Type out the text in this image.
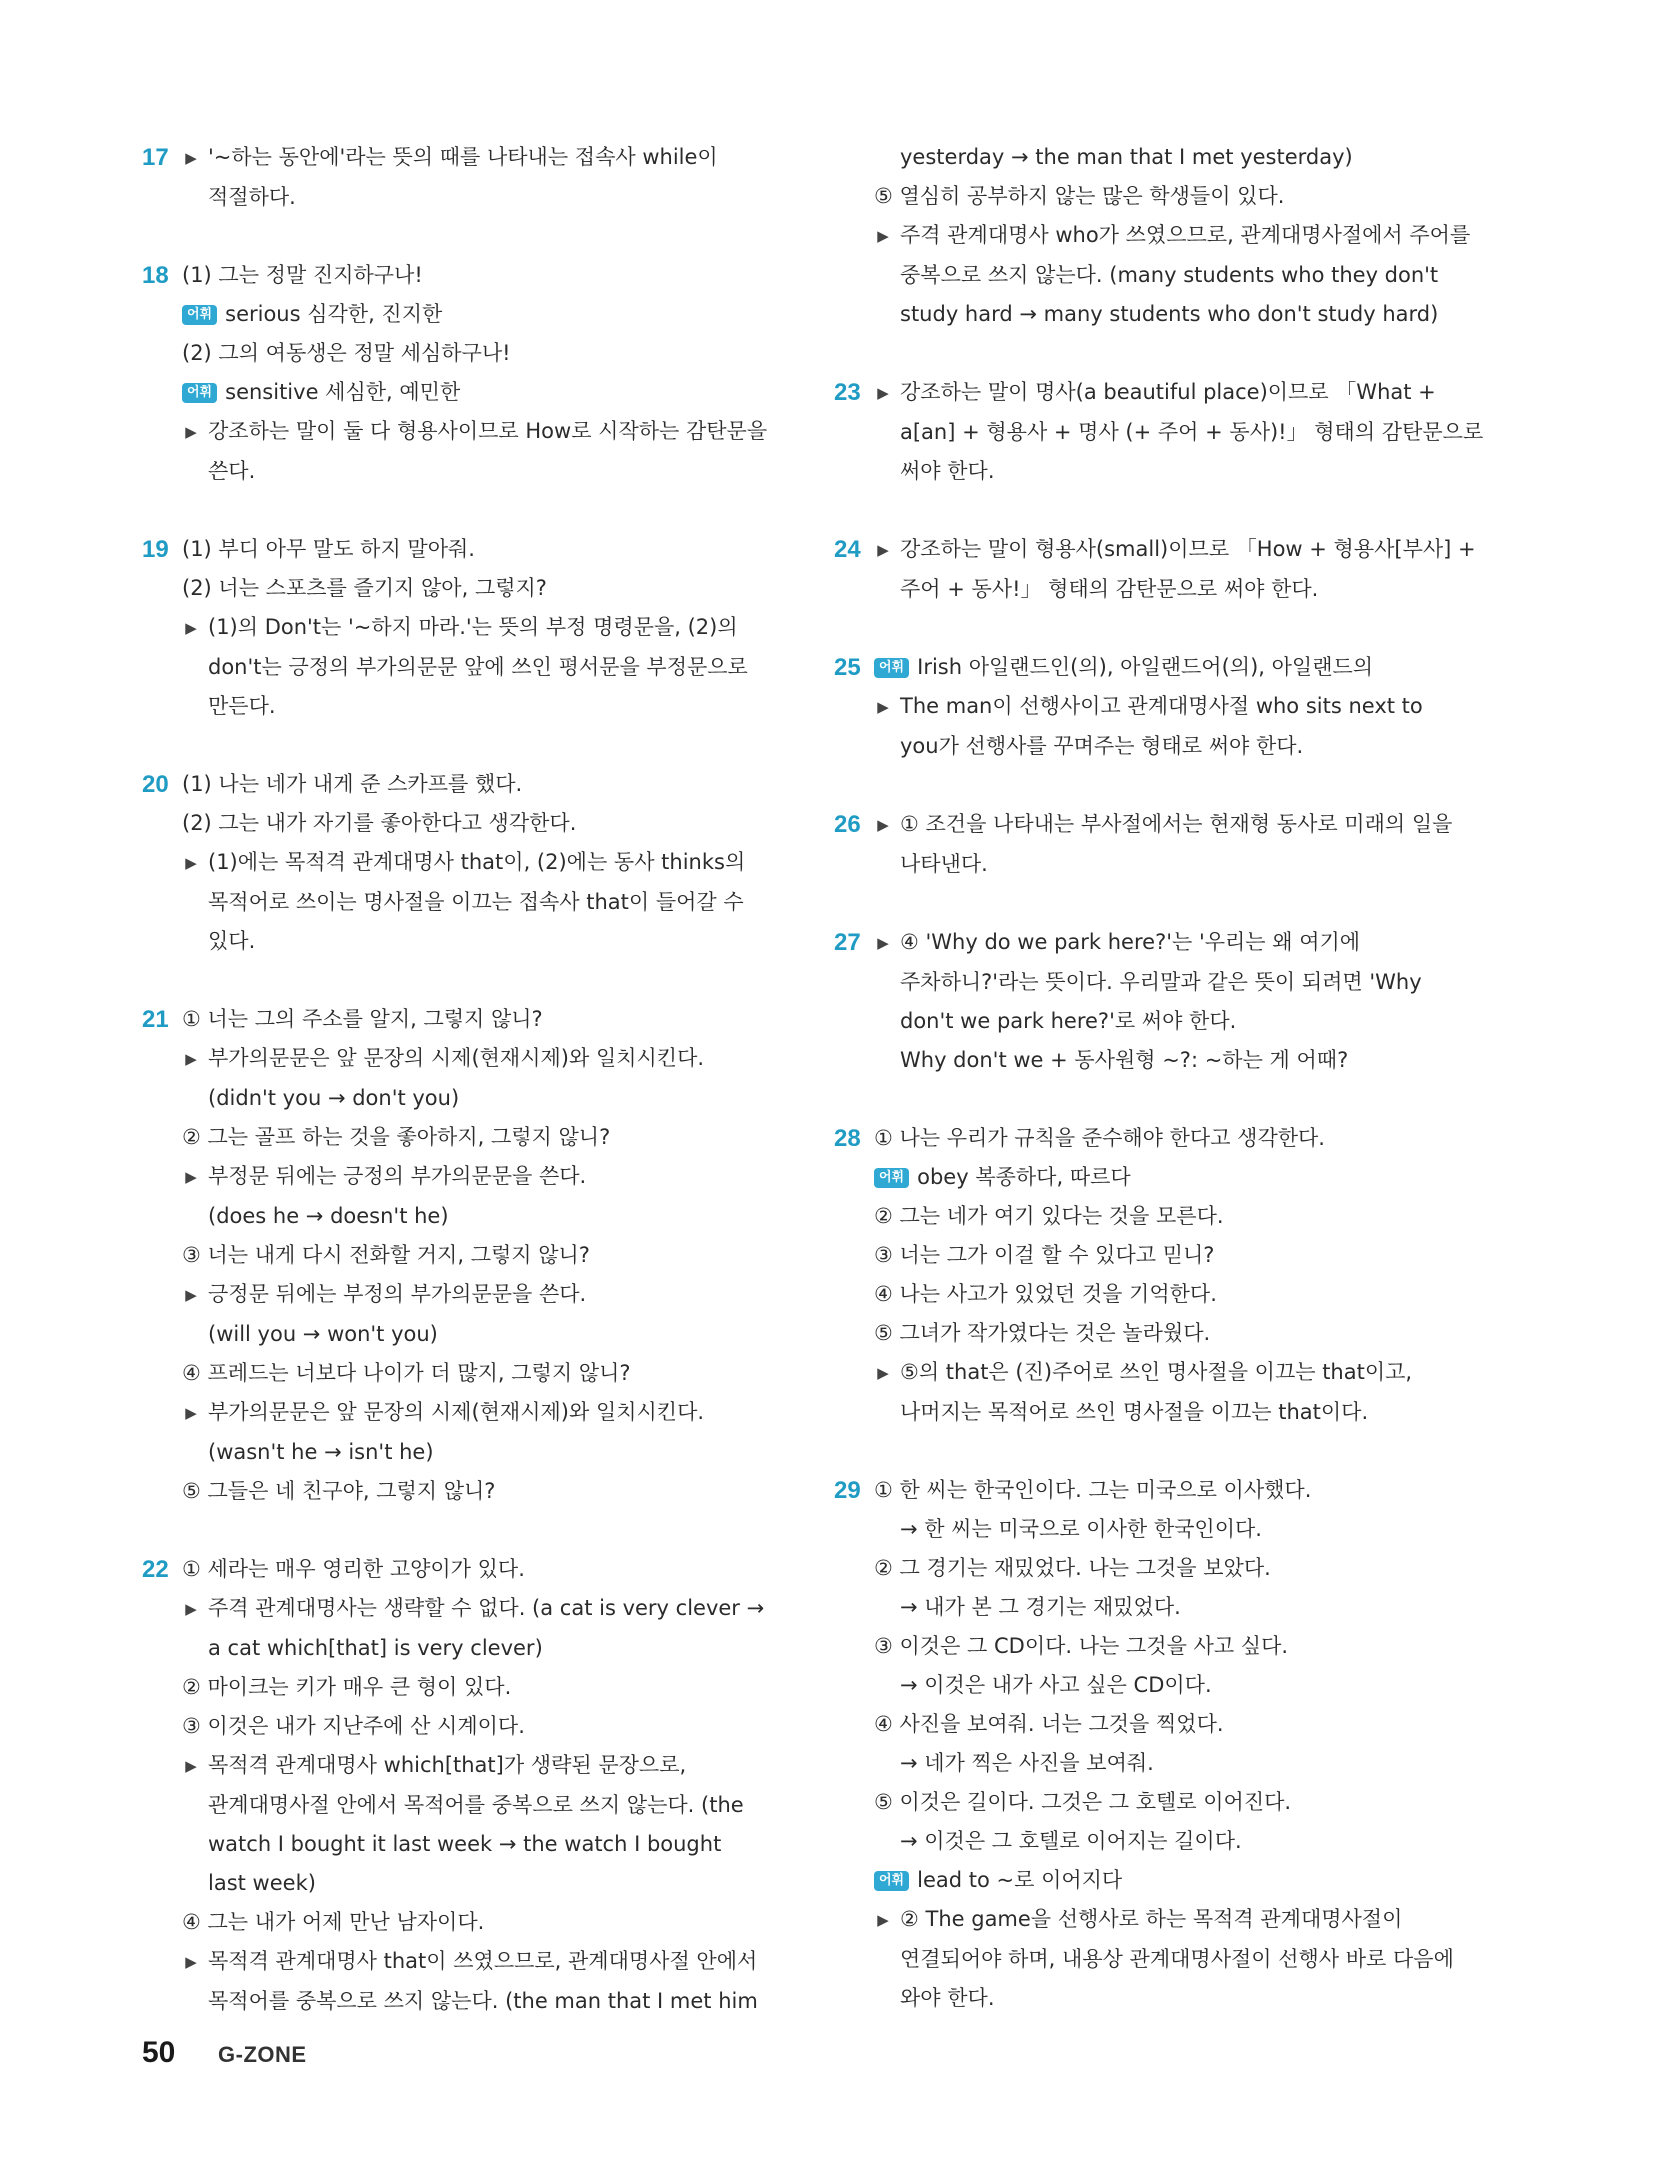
17 ▶ '~하는 동안에'라는 뜻의 때를 나타내는 접속사 while이
적절하다.
18 (1) 그는 정말 진지하구나!
어휘 serious 심각한, 진지한
(2) 그의 여동생은 정말 세심하구나!
어휘 sensitive 세심한, 예민한
▶ 강조하는 말이 둘 다 형용사이므로 How로 시작하는 감탄문을
쓴다.
19 (1) 부디 아무 말도 하지 말아줘.
(2) 너는 스포츠를 즐기지 않아, 그렇지?
▶ (1)의 Don't는 '~하지 마라.'는 뜻의 부정 명령문을, (2)의
don't는 긍정의 부가의문문 앞에 쓰인 평서문을 부정문으로
만든다.
20 (1) 나는 네가 내게 준 스카프를 했다.
(2) 그는 내가 자기를 좋아한다고 생각한다.
▶ (1)에는 목적격 관계대명사 that이, (2)에는 동사 thinks의
목적어로 쓰이는 명사절을 이끄는 접속사 that이 들어갈 수
있다.
21 ① 너는 그의 주소를 알지, 그렇지 않니?
▶ 부가의문문은 앞 문장의 시제(현재시제)와 일치시킨다.
(didn't you → don't you)
② 그는 골프 하는 것을 좋아하지, 그렇지 않니?
▶ 부정문 뒤에는 긍정의 부가의문문을 쓴다.
(does he → doesn't he)
③ 너는 내게 다시 전화할 거지, 그렇지 않니?
▶ 긍정문 뒤에는 부정의 부가의문문을 쓴다.
(will you → won't you)
④ 프레드는 너보다 나이가 더 많지, 그렇지 않니?
▶ 부가의문문은 앞 문장의 시제(현재시제)와 일치시킨다.
(wasn't he → isn't he)
⑤ 그들은 네 친구야, 그렇지 않니?
22 ① 세라는 매우 영리한 고양이가 있다.
▶ 주격 관계대명사는 생략할 수 없다. (a cat is very clever →
a cat which[that] is very clever)
② 마이크는 키가 매우 큰 형이 있다.
③ 이것은 내가 지난주에 산 시계이다.
▶ 목적격 관계대명사 which[that]가 생략된 문장으로,
관계대명사절 안에서 목적어를 중복으로 쓰지 않는다. (the
watch I bought it last week → the watch I bought
last week)
④ 그는 내가 어제 만난 남자이다.
▶ 목적격 관계대명사 that이 쓰였으므로, 관계대명사절 안에서
목적어를 중복으로 쓰지 않는다. (the man that I met him
yesterday → the man that I met yesterday)
⑤ 열심히 공부하지 않는 많은 학생들이 있다.
▶ 주격 관계대명사 who가 쓰였으므로, 관계대명사절에서 주어를
중복으로 쓰지 않는다. (many students who they don't
study hard → many students who don't study hard)
23 ▶ 강조하는 말이 명사(a beautiful place)이므로 「What +
a[an] + 형용사 + 명사 (+ 주어 + 동사)!」 형태의 감탄문으로
써야 한다.
24 ▶ 강조하는 말이 형용사(small)이므로 「How + 형용사[부사] +
주어 + 동사!」 형태의 감탄문으로 써야 한다.
25	어휘 Irish 아일랜드인(의), 아일랜드어(의), 아일랜드의
▶ The man이 선행사이고 관계대명사절 who sits next to
you가 선행사를 꾸며주는 형태로 써야 한다.
26 ▶ ① 조건을 나타내는 부사절에서는 현재형 동사로 미래의 일을
나타낸다.
27 ▶ ④ 'Why do we park here?'는 '우리는 왜 여기에
주차하니?'라는 뜻이다. 우리말과 같은 뜻이 되려면 'Why
don't we park here?'로 써야 한다.
Why don't we + 동사원형 ~?: ~하는 게 어때?
28 ① 나는 우리가 규칙을 준수해야 한다고 생각한다.
어휘 obey 복종하다, 따르다
② 그는 네가 여기 있다는 것을 모른다.
③ 너는 그가 이걸 할 수 있다고 믿니?
④ 나는 사고가 있었던 것을 기억한다.
⑤ 그녀가 작가였다는 것은 놀라웠다.
▶ ⑤의 that은 (진)주어로 쓰인 명사절을 이끄는 that이고,
나머지는 목적어로 쓰인 명사절을 이끄는 that이다.
29 ① 한 씨는 한국인이다. 그는 미국으로 이사했다.
→ 한 씨는 미국으로 이사한 한국인이다.
② 그 경기는 재밌었다. 나는 그것을 보았다.
→ 내가 본 그 경기는 재밌었다.
③ 이것은 그 CD이다. 나는 그것을 사고 싶다.
→ 이것은 내가 사고 싶은 CD이다.
④ 사진을 보여줘. 너는 그것을 찍었다.
→ 네가 찍은 사진을 보여줘.
⑤ 이것은 길이다. 그것은 그 호텔로 이어진다.
→ 이것은 그 호텔로 이어지는 길이다.
어휘 lead to ~로 이어지다
▶ ② The game을 선행사로 하는 목적격 관계대명사절이
연결되어야 하며, 내용상 관계대명사절이 선행사 바로 다음에
와야 한다.
50 G-ZONE
